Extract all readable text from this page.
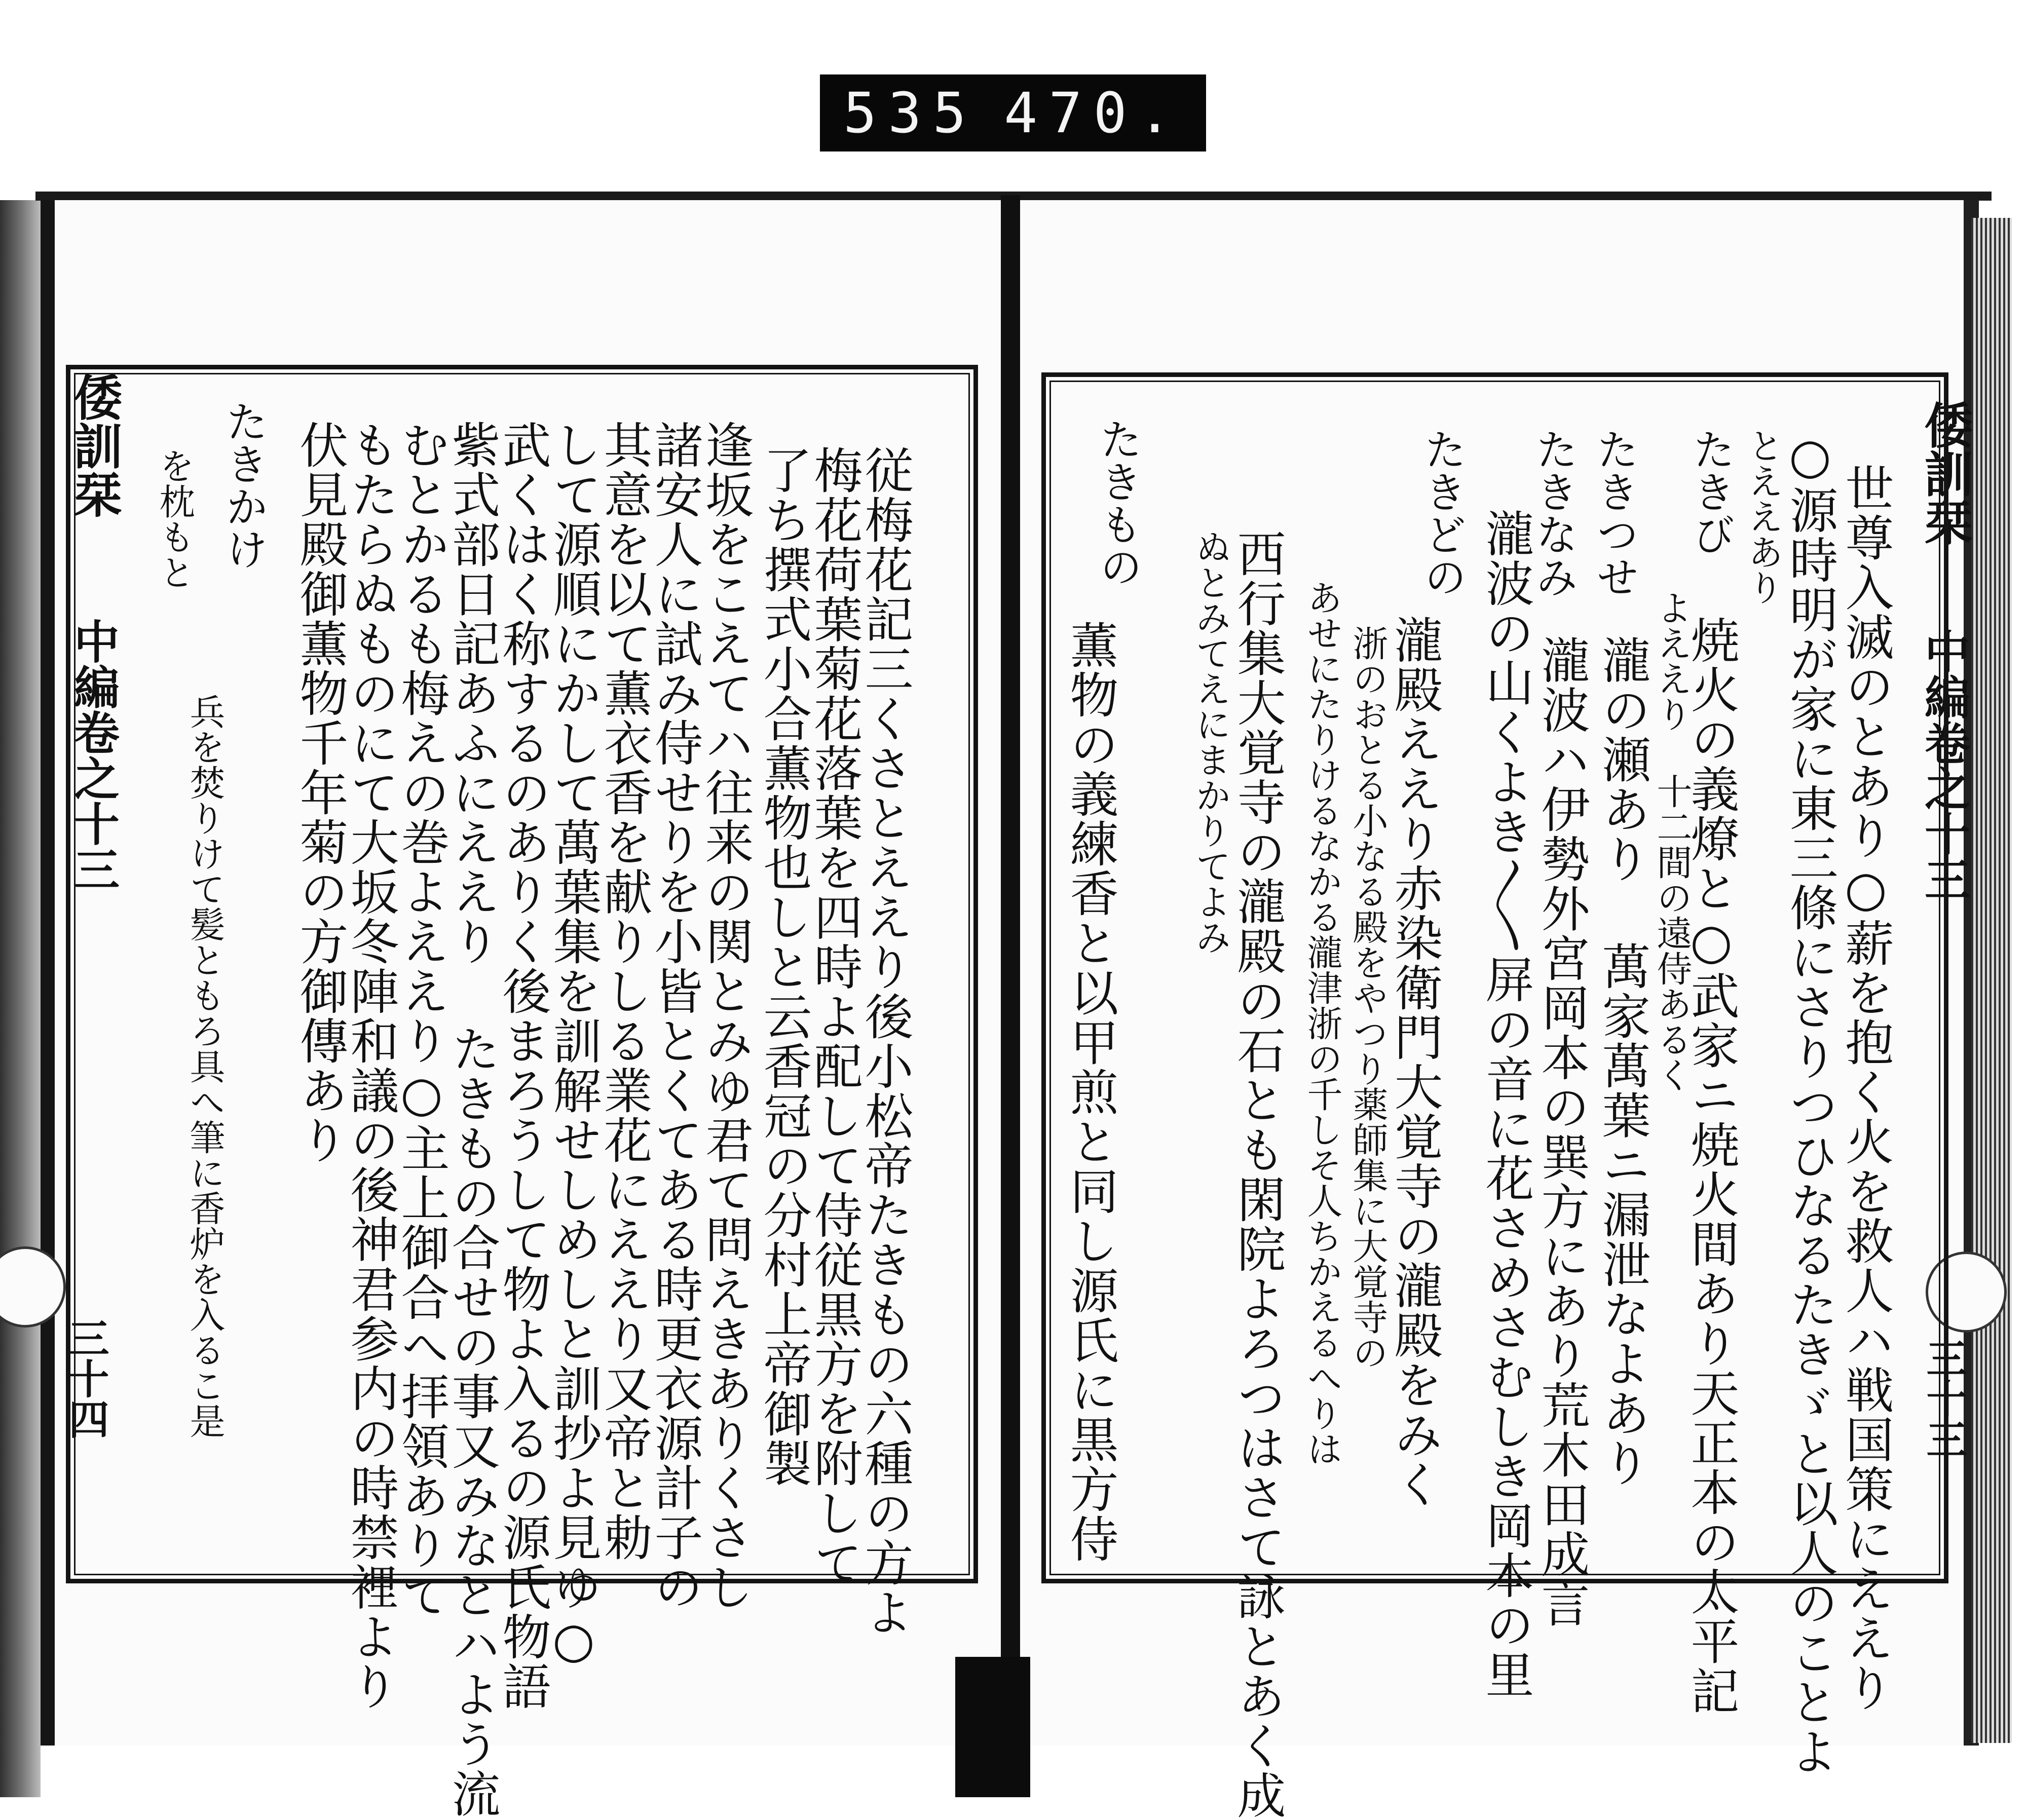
535 470.
倭訓栞
中編卷之十三
三十四	従梅花記三くさとええり後小松帝たきもの六種の方よ
梅花荷葉菊花落葉を四時よ配して侍従黒方を附して
了ち撰式小合薫物也しと云香冠の分村上帝御製
逢坂をこえてハ往来の関とみゆ君て問えきありくさし
諸安人に試み侍せりを小皆とくてある時更衣源計子の
其意を以て薫衣香を献りしる業花にええり又帝と勅
して源順にかして萬葉集を訓解せしめしと訓抄よ見ゆ○
武くはく称するのありく後まろうして物よ入るの源氏物語
紫式部日記あふにええり たきもの合せの事又みなとハよう流
むとかるも梅えの巻よええり○主上御合へ拝領ありて
もたらぬものにて大坂冬陣和議の後神君参内の時禁裡より
伏見殿御薫物千年菊の方御傳あり
たきかけ
兵を焚りけて髪ともろ具へ筆に香炉を入るこ是
を枕もと	倭訓栞
中編卷之十三
三十三
世尊入滅のとあり○薪を抱く火を救人ハ戦国策にええり
○源時明が家に東三條にさりつひなるたきゞと以人のことよ
とええあり
たきび
焼火の義燎と○武家ニ焼火間あり天正本の太平記
よええり 十二間の遠侍あるく
たきつせ
瀧の瀬あり 萬家萬葉ニ漏泄なよあり
たきなみ
瀧波ハ伊勢外宮岡本の巽方にあり荒木田成言
瀧波の山くよき〳〵屏の音に花さめさむしき岡本の里
たきどの
瀧殿ええり赤染衛門大覚寺の瀧殿をみく
浙のおとる小なる殿をやつり薬師集に大覚寺の
あせにたりけるなかる瀧津浙の千しそ人ちかえるへりは
西行集大覚寺の瀧殿の石とも閑院よろつはさて詠とあく成
ぬとみてえにまかりてよみ
たきもの
薫物の義練香と以甲煎と同し源氏に黒方侍
